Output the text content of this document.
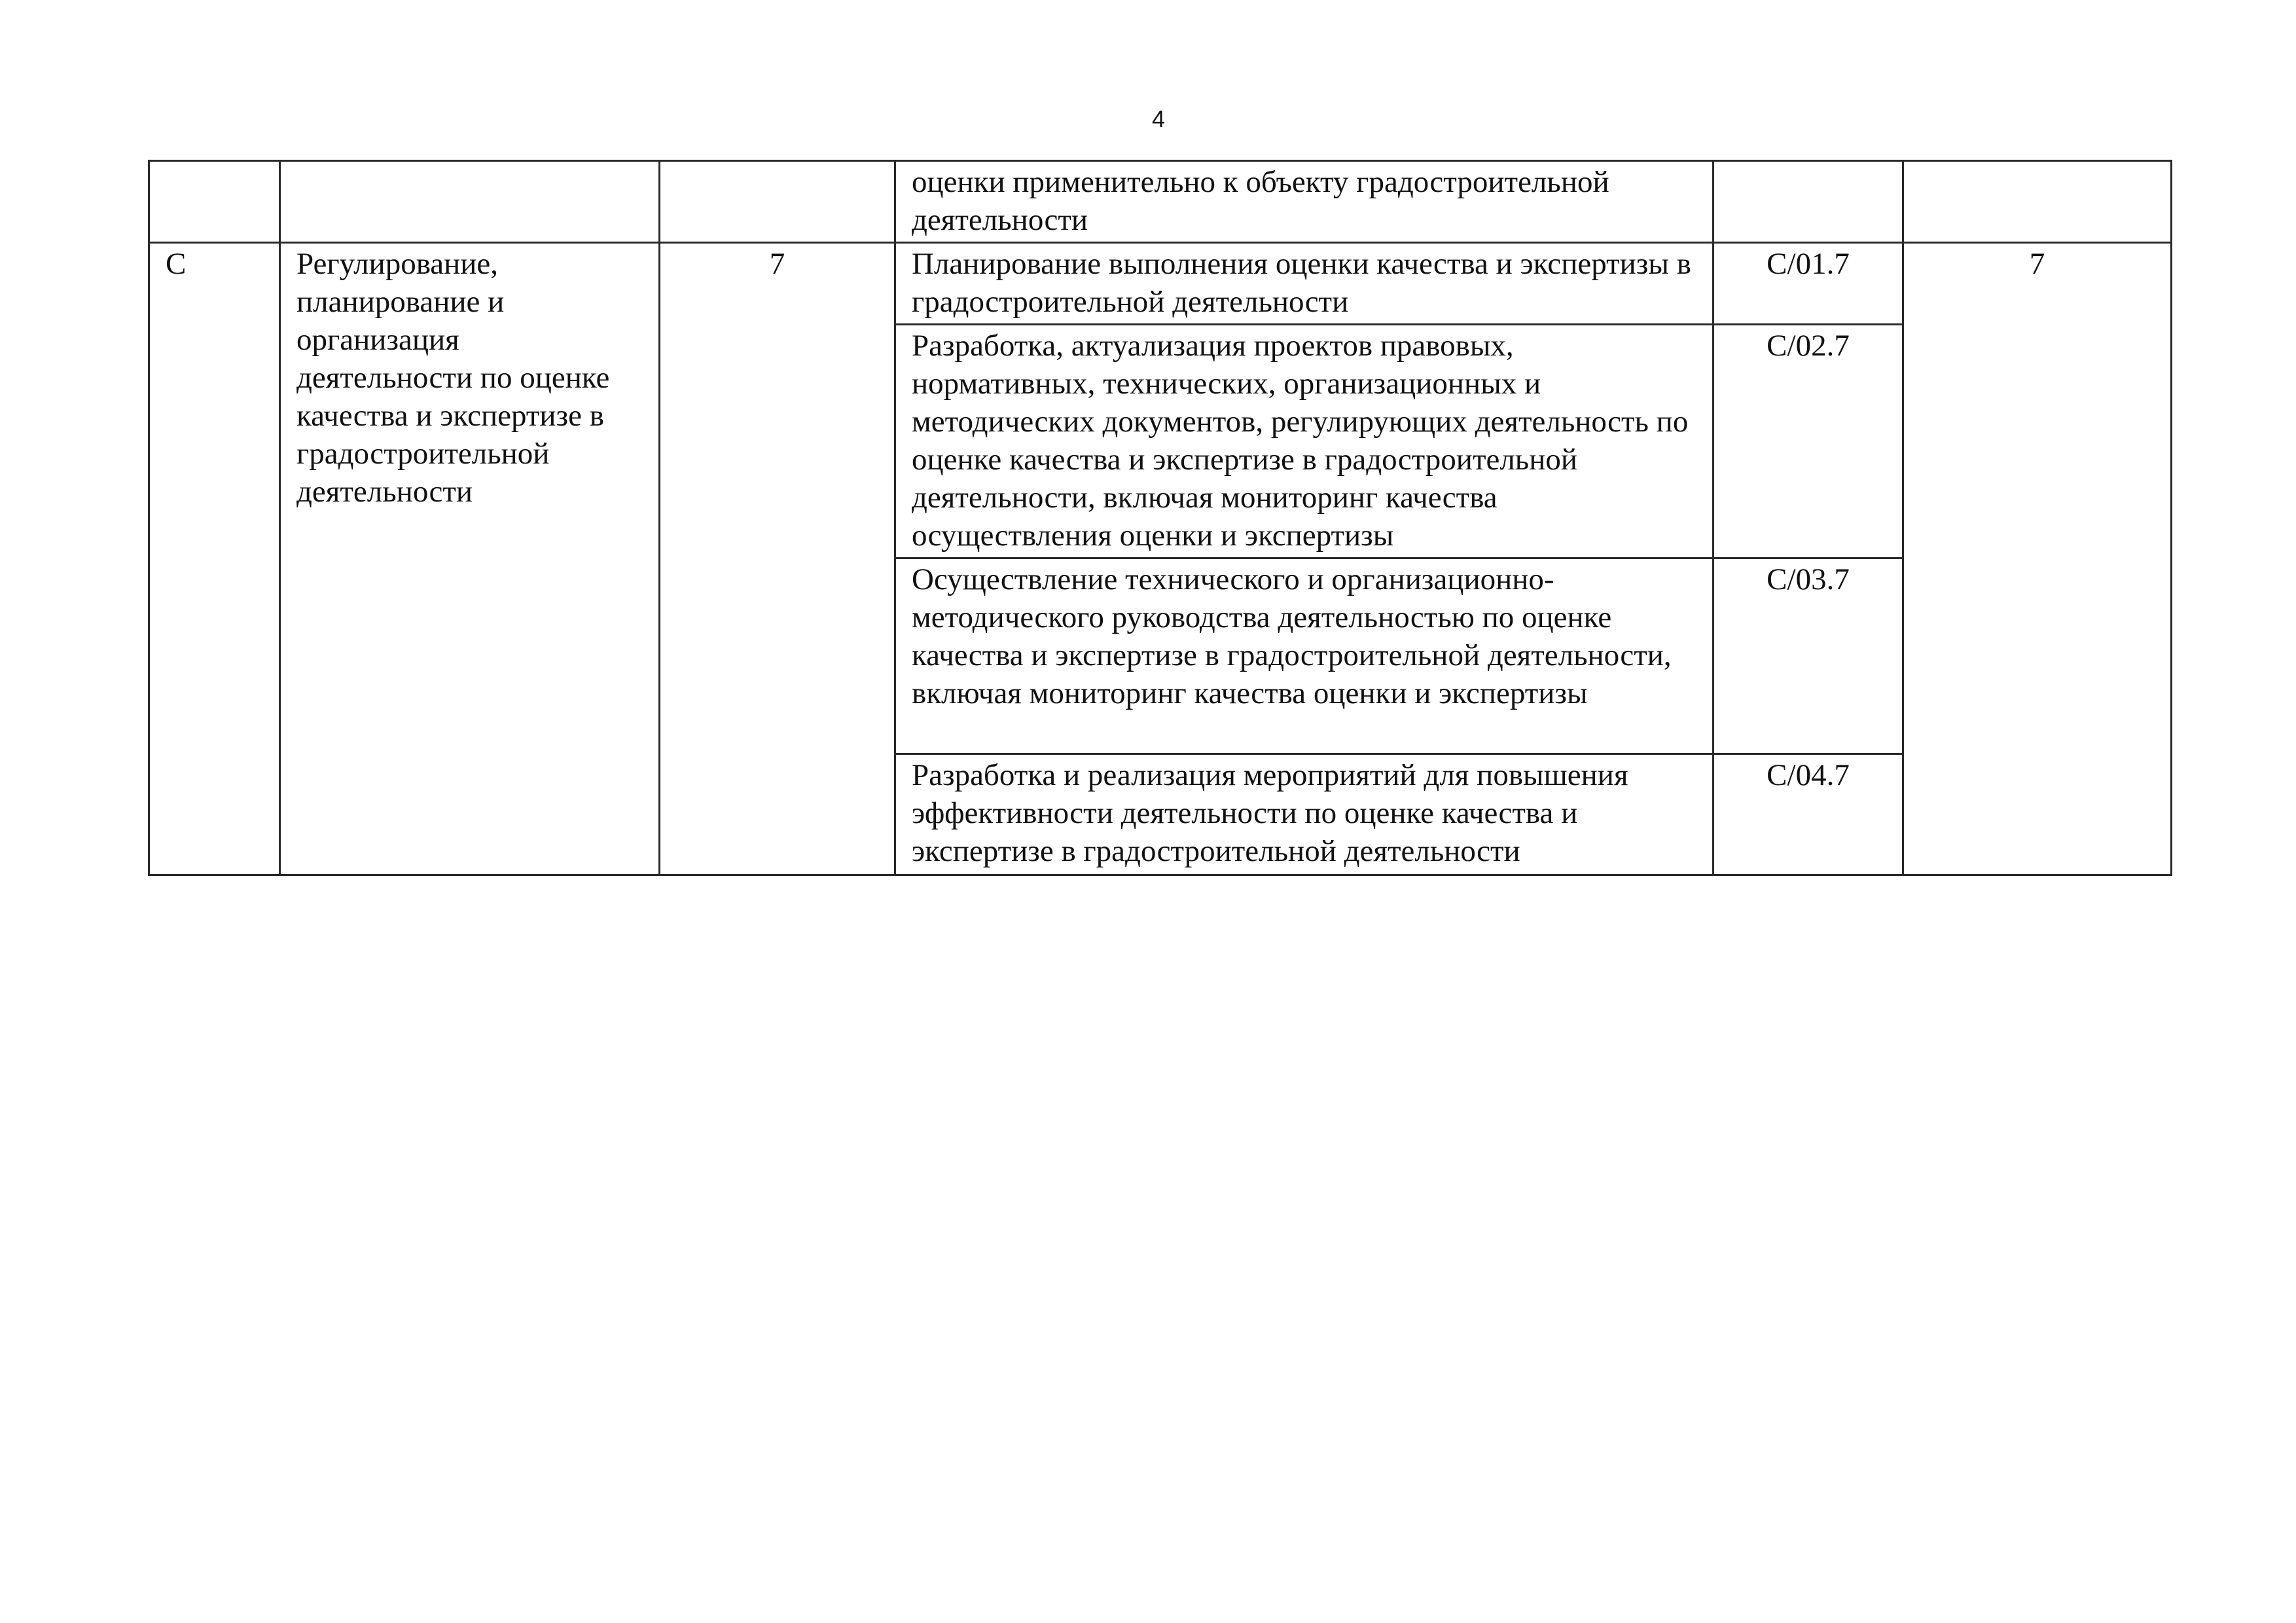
4

			оценки применительно к объекту градостроительной деятельности		

C	Регулирование, планирование и организация деятельности по оценке качества и экспертизе в градостроительной деятельности	7	Планирование выполнения оценки качества и экспертизы в градостроительной деятельности	C/01.7	7

			Разработка, актуализация проектов правовых, нормативных, технических, организационных и методических документов, регулирующих деятельность по оценке качества и экспертизе в градостроительной деятельности, включая мониторинг качества осуществления оценки и экспертизы	C/02.7	

			Осуществление технического и организационно-методического руководства деятельностью по оценке качества и экспертизе в градостроительной деятельности, включая мониторинг качества оценки и экспертизы	C/03.7	

			Разработка и реализация мероприятий для повышения эффективности деятельности по оценке качества и экспертизе в градостроительной деятельности	C/04.7	
